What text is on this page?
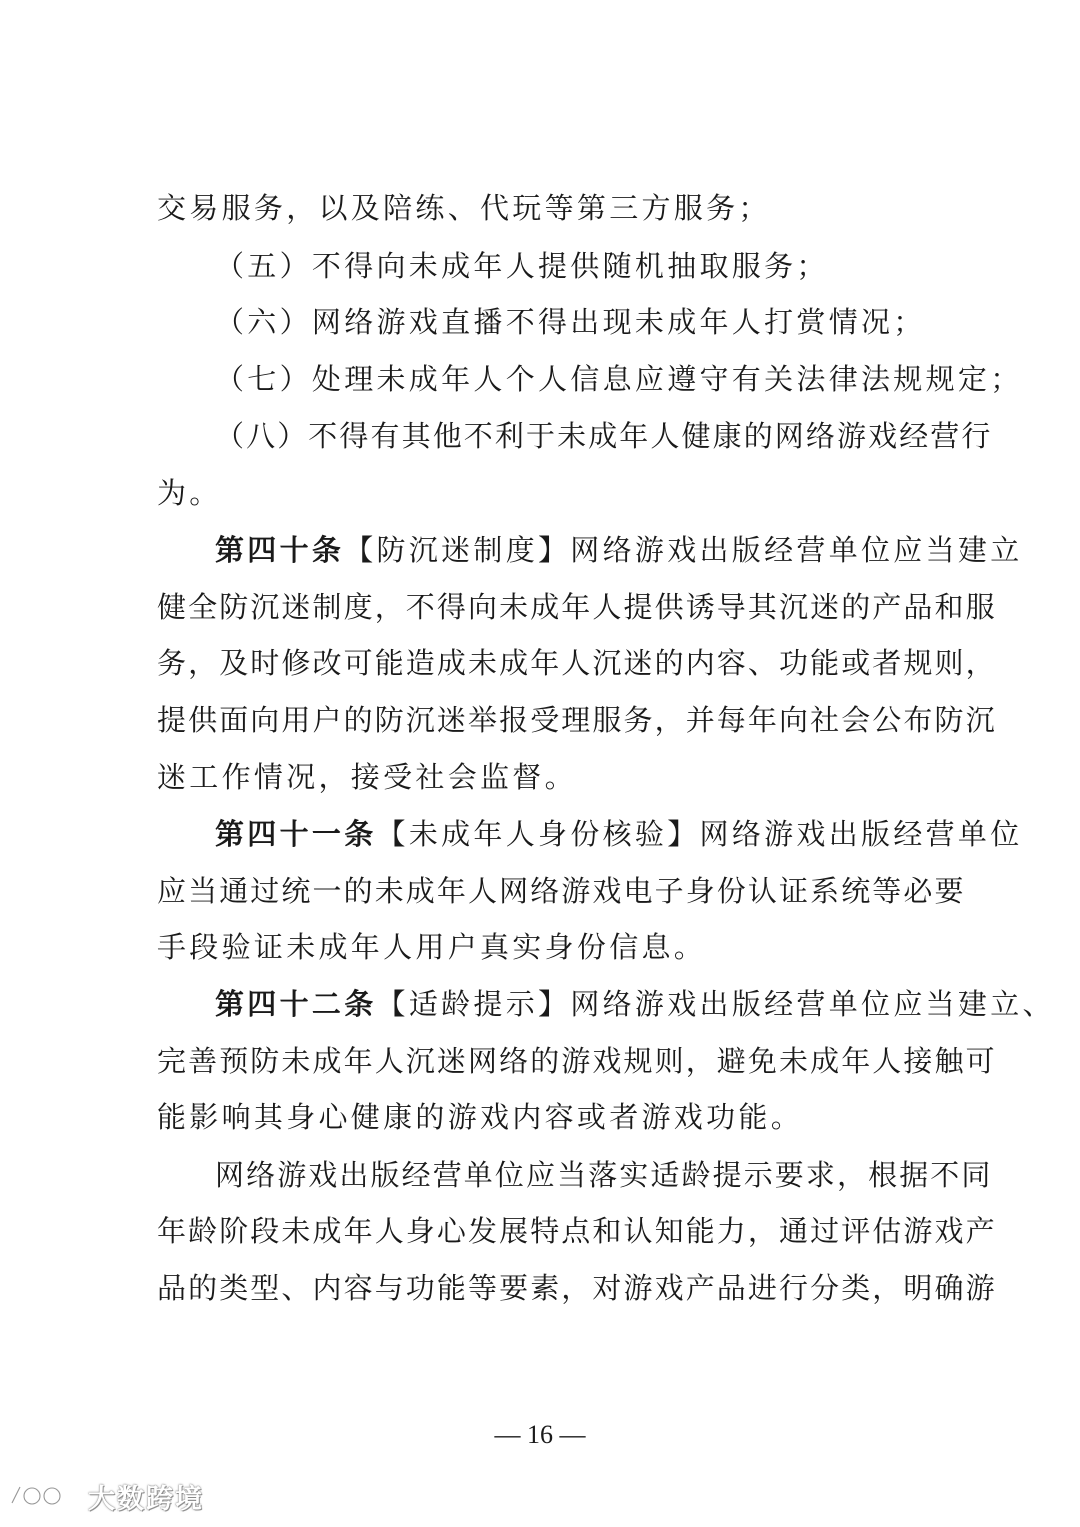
交易服务，以及陪练、代玩等第三方服务；
（五）不得向未成年人提供随机抽取服务；
（六）网络游戏直播不得出现未成年人打赏情况；
（七）处理未成年人个人信息应遵守有关法律法规规定；
（八）不得有其他不利于未成年人健康的网络游戏经营行
为。
第四十条【防沉迷制度】网络游戏出版经营单位应当建立
健全防沉迷制度，不得向未成年人提供诱导其沉迷的产品和服
务，及时修改可能造成未成年人沉迷的内容、功能或者规则，
提供面向用户的防沉迷举报受理服务，并每年向社会公布防沉
迷工作情况，接受社会监督。
第四十一条【未成年人身份核验】网络游戏出版经营单位
应当通过统一的未成年人网络游戏电子身份认证系统等必要
手段验证未成年人用户真实身份信息。
第四十二条【适龄提示】网络游戏出版经营单位应当建立、
完善预防未成年人沉迷网络的游戏规则，避免未成年人接触可
能影响其身心健康的游戏内容或者游戏功能。
网络游戏出版经营单位应当落实适龄提示要求，根据不同
年龄阶段未成年人身心发展特点和认知能力，通过评估游戏产
品的类型、内容与功能等要素，对游戏产品进行分类，明确游
— 16 —
大数跨境
